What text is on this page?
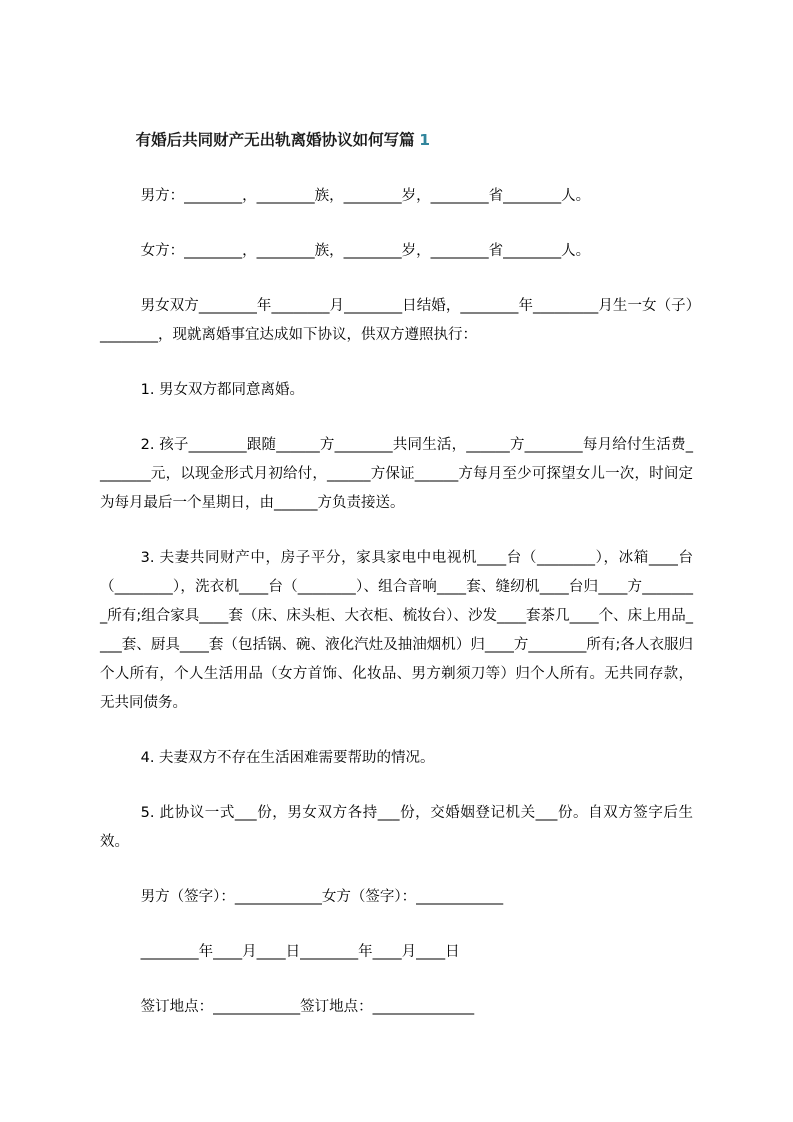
有婚后共同财产无出轨离婚协议如何写篇 1

男方：________，________族，________岁，________省________人。

女方：________，________族，________岁，________省________人。

男女双方________年________月________日结婚，________年_________月生一女（子）________，现就离婚事宜达成如下协议，供双方遵照执行：

1. 男女双方都同意离婚。

2. 孩子________跟随______方________共同生活，______方________每月给付生活费________元，以现金形式月初给付，______方保证______方每月至少可探望女儿一次，时间定为每月最后一个星期日，由______方负责接送。

3. 夫妻共同财产中，房子平分，家具家电中电视机____台（________），冰箱____台（________），洗衣机____台（________）、组合音响____套、缝纫机____台归____方________所有;组合家具____套（床、床头柜、大衣柜、梳妆台）、沙发____套茶几____个、床上用品____套、厨具____套（包括锅、碗、液化汽灶及抽油烟机）归____方________所有;各人衣服归个人所有，个人生活用品（女方首饰、化妆品、男方剃须刀等）归个人所有。无共同存款，无共同债务。

4. 夫妻双方不存在生活困难需要帮助的情况。

5. 此协议一式___份，男女双方各持___份，交婚姻登记机关___份。自双方签字后生效。

男方（签字）：____________女方（签字）：____________

________年____月____日________年____月____日

签订地点：____________签订地点：______________
